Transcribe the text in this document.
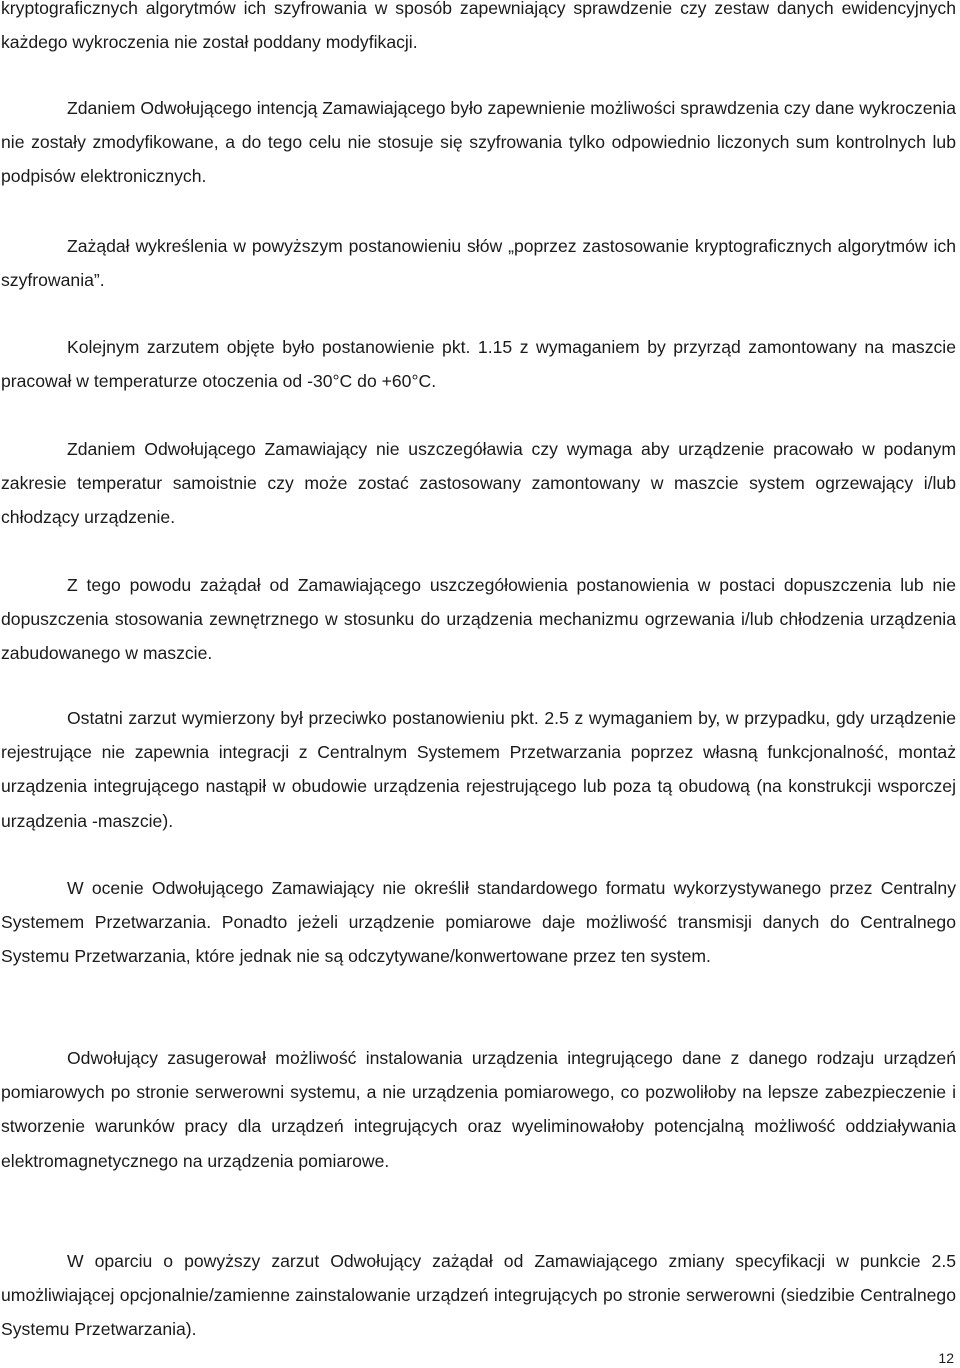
kryptograficznych algorytmów ich szyfrowania w sposób zapewniający sprawdzenie czy zestaw danych ewidencyjnych każdego wykroczenia nie został poddany modyfikacji.

Zdaniem Odwołującego intencją Zamawiającego było zapewnienie możliwości sprawdzenia czy dane wykroczenia nie zostały zmodyfikowane, a do tego celu nie stosuje się szyfrowania tylko odpowiednio liczonych sum kontrolnych lub podpisów elektronicznych.

Zażądał wykreślenia w powyższym postanowieniu słów „poprzez zastosowanie kryptograficznych algorytmów ich szyfrowania”.

Kolejnym zarzutem objęte było postanowienie pkt. 1.15 z wymaganiem by przyrząd zamontowany na maszcie pracował w temperaturze otoczenia od -30°C do +60°C.

Zdaniem Odwołującego Zamawiający nie uszczegóławia czy wymaga aby urządzenie pracowało w podanym zakresie temperatur samoistnie czy może zostać zastosowany zamontowany w maszcie system ogrzewający i/lub chłodzący urządzenie.

Z tego powodu zażądał od Zamawiającego uszczegółowienia postanowienia w postaci dopuszczenia lub nie dopuszczenia stosowania zewnętrznego w stosunku do urządzenia mechanizmu ogrzewania i/lub chłodzenia urządzenia zabudowanego w maszcie.

Ostatni zarzut wymierzony był przeciwko postanowieniu pkt. 2.5 z wymaganiem by, w przypadku, gdy urządzenie rejestrujące nie zapewnia integracji z Centralnym Systemem Przetwarzania poprzez własną funkcjonalność, montaż urządzenia integrującego nastąpił w obudowie urządzenia rejestrującego lub poza tą obudową (na konstrukcji wsporczej urządzenia -maszcie).

W ocenie Odwołującego Zamawiający nie określił standardowego formatu wykorzystywanego przez Centralny Systemem Przetwarzania. Ponadto jeżeli urządzenie pomiarowe daje możliwość transmisji danych do Centralnego Systemu Przetwarzania, które jednak nie są odczytywane/konwertowane przez ten system.

Odwołujący zasugerował możliwość instalowania urządzenia integrującego dane z danego rodzaju urządzeń pomiarowych po stronie serwerowni systemu, a nie urządzenia pomiarowego, co pozwoliłoby na lepsze zabezpieczenie i stworzenie warunków pracy dla urządzeń integrujących oraz wyeliminowałoby potencjalną możliwość oddziaływania elektromagnetycznego na urządzenia pomiarowe.

W oparciu o powyższy zarzut Odwołujący zażądał od Zamawiającego zmiany specyfikacji w punkcie 2.5 umożliwiającej opcjonalnie/zamienne zainstalowanie urządzeń integrujących po stronie serwerowni (siedzibie Centralnego Systemu Przetwarzania).

12
